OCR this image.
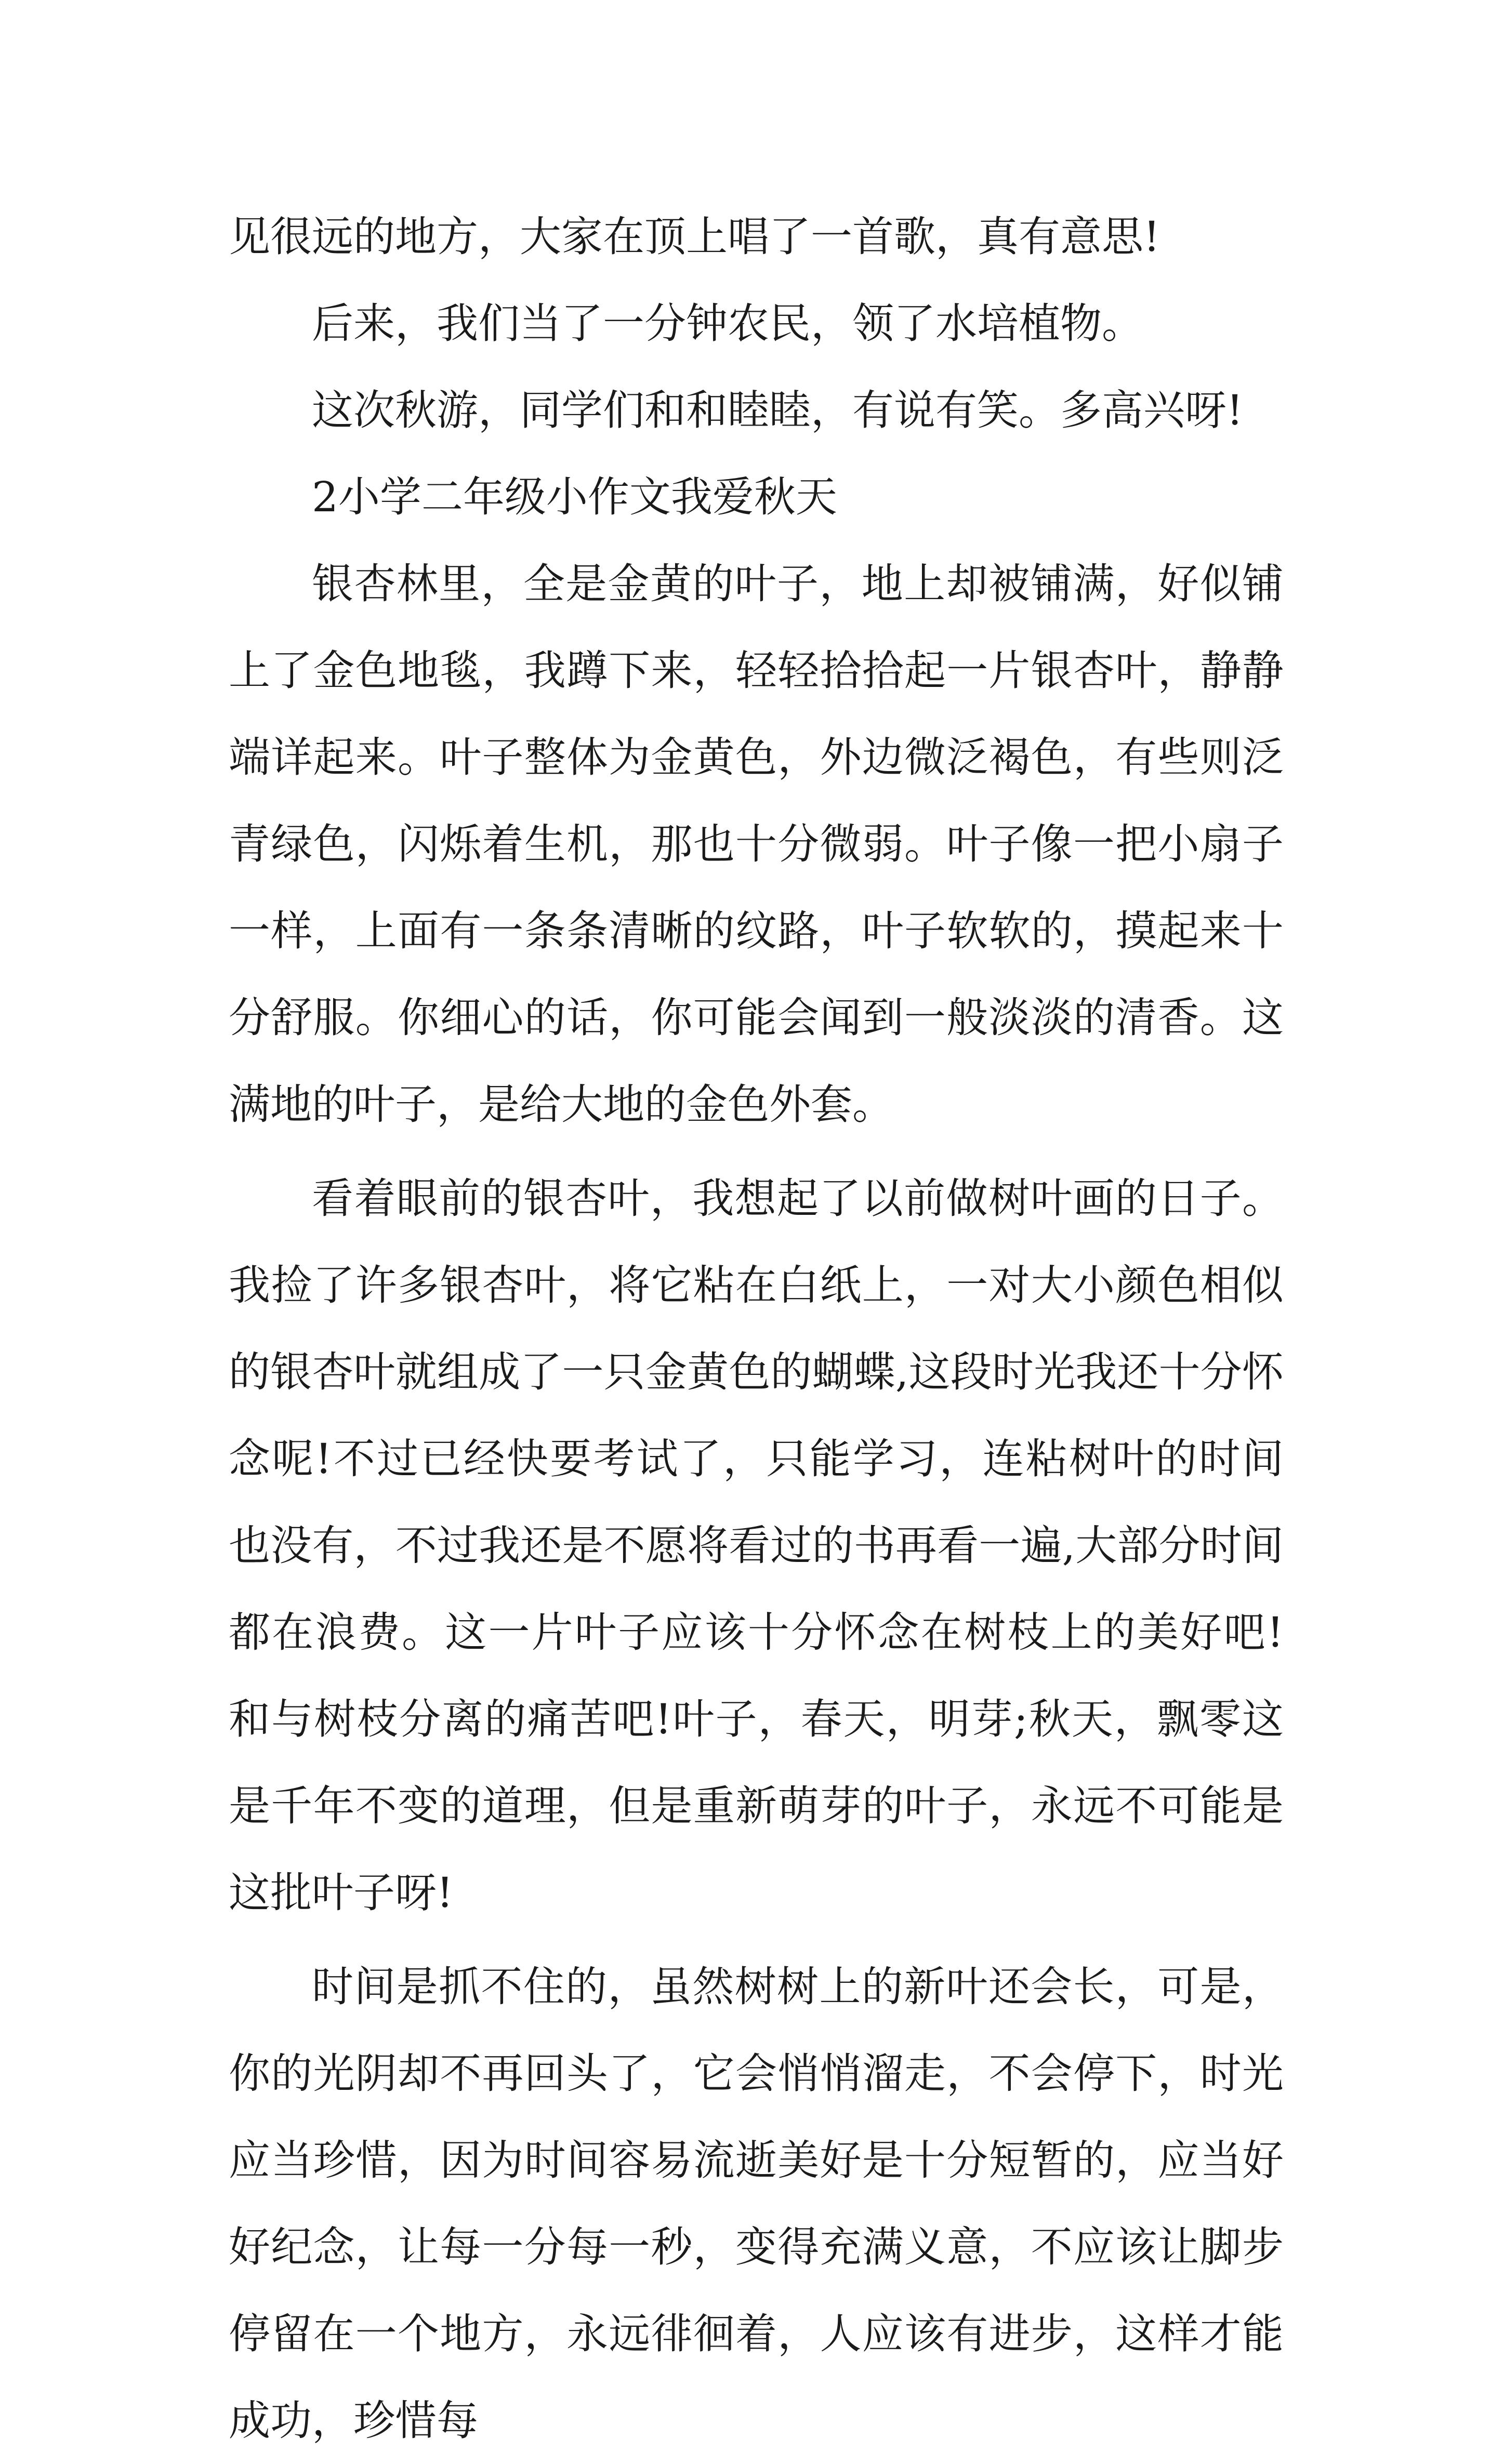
见很远的地方，大家在顶上唱了一首歌，真有意思!

后来，我们当了一分钟农民，领了水培植物。

这次秋游，同学们和和睦睦，有说有笑。多高兴呀!

2小学二年级小作文我爱秋天

银杏林里，全是金黄的叶子，地上却被铺满，好似铺上了金色地毯，我蹲下来，轻轻拾拾起一片银杏叶，静静端详起来。叶子整体为金黄色，外边微泛褐色，有些则泛青绿色，闪烁着生机，那也十分微弱。叶子像一把小扇子一样，上面有一条条清晰的纹路，叶子软软的，摸起来十分舒服。你细心的话，你可能会闻到一般淡淡的清香。这满地的叶子，是给大地的金色外套。

看着眼前的银杏叶，我想起了以前做树叶画的日子。我捡了许多银杏叶，将它粘在白纸上，一对大小颜色相似的银杏叶就组成了一只金黄色的蝴蝶,这段时光我还十分怀念呢!不过已经快要考试了，只能学习，连粘树叶的时间也没有，不过我还是不愿将看过的书再看一遍,大部分时间都在浪费。这一片叶子应该十分怀念在树枝上的美好吧!和与树枝分离的痛苦吧!叶子，春天，明芽;秋天，飘零这是千年不变的道理，但是重新萌芽的叶子，永远不可能是这批叶子呀!

时间是抓不住的，虽然树树上的新叶还会长，可是，你的光阴却不再回头了，它会悄悄溜走，不会停下，时光应当珍惜，因为时间容易流逝美好是十分短暂的，应当好好纪念，让每一分每一秒，变得充满义意，不应该让脚步停留在一个地方，永远徘徊着，人应该有进步，这样才能成功，珍惜每
